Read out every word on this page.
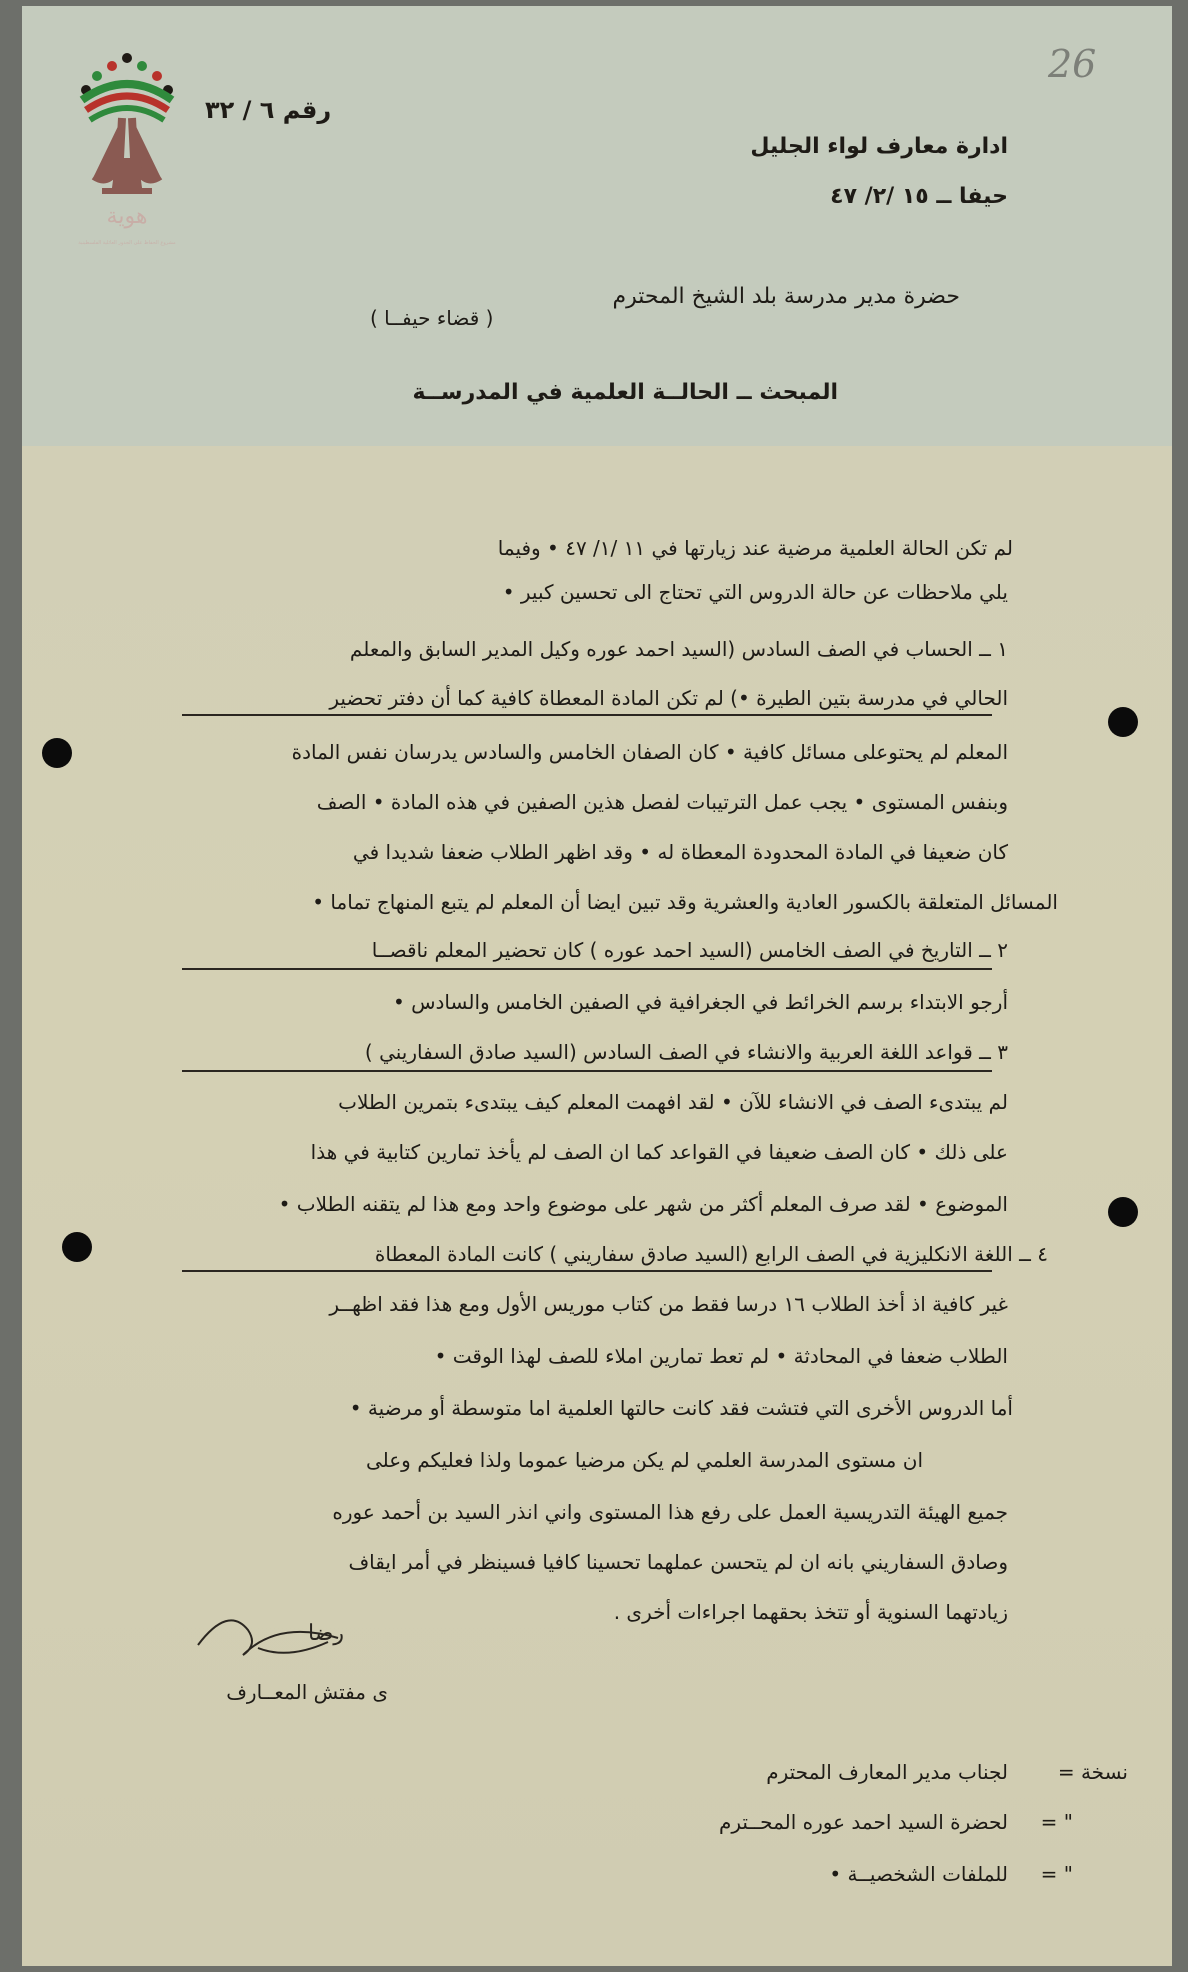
26
هوية
مشروع الحفاظ على الجذور العائلية الفلسطينية
رقم ٦ / ٣٢
ادارة معارف لواء الجليل
حيفا ــ ١٥ /٢/ ٤٧
حضرة مدير مدرسة بلد الشيخ المحترم
( قضاء حيفــا )
المبحث ــ الحالــة العلمية في المدرســة
لم تكن الحالة العلمية مرضية عند زيارتها في ١١ /١/ ٤٧ • وفيما
يلي ملاحظات عن حالة الدروس التي تحتاج الى تحسين كبير •
١ ــ الحساب في الصف السادس (السيد احمد عوره وكيل المدير السابق والمعلم
الحالي في مدرسة بتين الطيرة •) لم تكن المادة المعطاة كافية كما أن دفتر تحضير
المعلم لم يحتوعلى مسائل كافية • كان الصفان الخامس والسادس يدرسان نفس المادة
وبنفس المستوى • يجب عمل الترتيبات لفصل هذين الصفين في هذه المادة • الصف
كان ضعيفا في المادة المحدودة المعطاة له • وقد اظهر الطلاب ضعفا شديدا في
المسائل المتعلقة بالكسور العادية والعشرية وقد تبين ايضا أن المعلم لم يتبع المنهاج تماما •
٢ ــ التاريخ في الصف الخامس (السيد احمد عوره ) كان تحضير المعلم ناقصــا
أرجو الابتداء برسم الخرائط في الجغرافية في الصفين الخامس والسادس •
٣ ــ قواعد اللغة العربية والانشاء في الصف السادس (السيد صادق السفاريني )
لم يبتدىء الصف في الانشاء للآن • لقد افهمت المعلم كيف يبتدىء بتمرين الطلاب
على ذلك • كان الصف ضعيفا في القواعد كما ان الصف لم يأخذ تمارين كتابية في هذا
الموضوع • لقد صرف المعلم أكثر من شهر على موضوع واحد ومع هذا لم يتقنه الطلاب •
٤ ــ اللغة الانكليزية في الصف الرابع (السيد صادق سفاريني ) كانت المادة المعطاة
غير كافية اذ أخذ الطلاب ١٦ درسا فقط من كتاب موريس الأول ومع هذا فقد اظهــر
الطلاب ضعفا في المحادثة • لم تعط تمارين املاء للصف لهذا الوقت •
أما الدروس الأخرى التي فتشت فقد كانت حالتها العلمية اما متوسطة أو مرضية •
ان مستوى المدرسة العلمي لم يكن مرضيا عموما ولذا فعليكم وعلى
جميع الهيئة التدريسية العمل على رفع هذا المستوى واني انذر السيد بن أحمد عوره
وصادق السفاريني بانه ان لم يتحسن عملهما تحسينا كافيا فسينظر في أمر ايقاف
زيادتهما السنوية أو تتخذ بحقهما اجراءات أخرى .
رضا
ى مفتش المعــارف
نسخة =
لجناب مدير المعارف المحترم
" =
لحضرة السيد احمد عوره المحــترم
" =
للملفات الشخصيــة •
